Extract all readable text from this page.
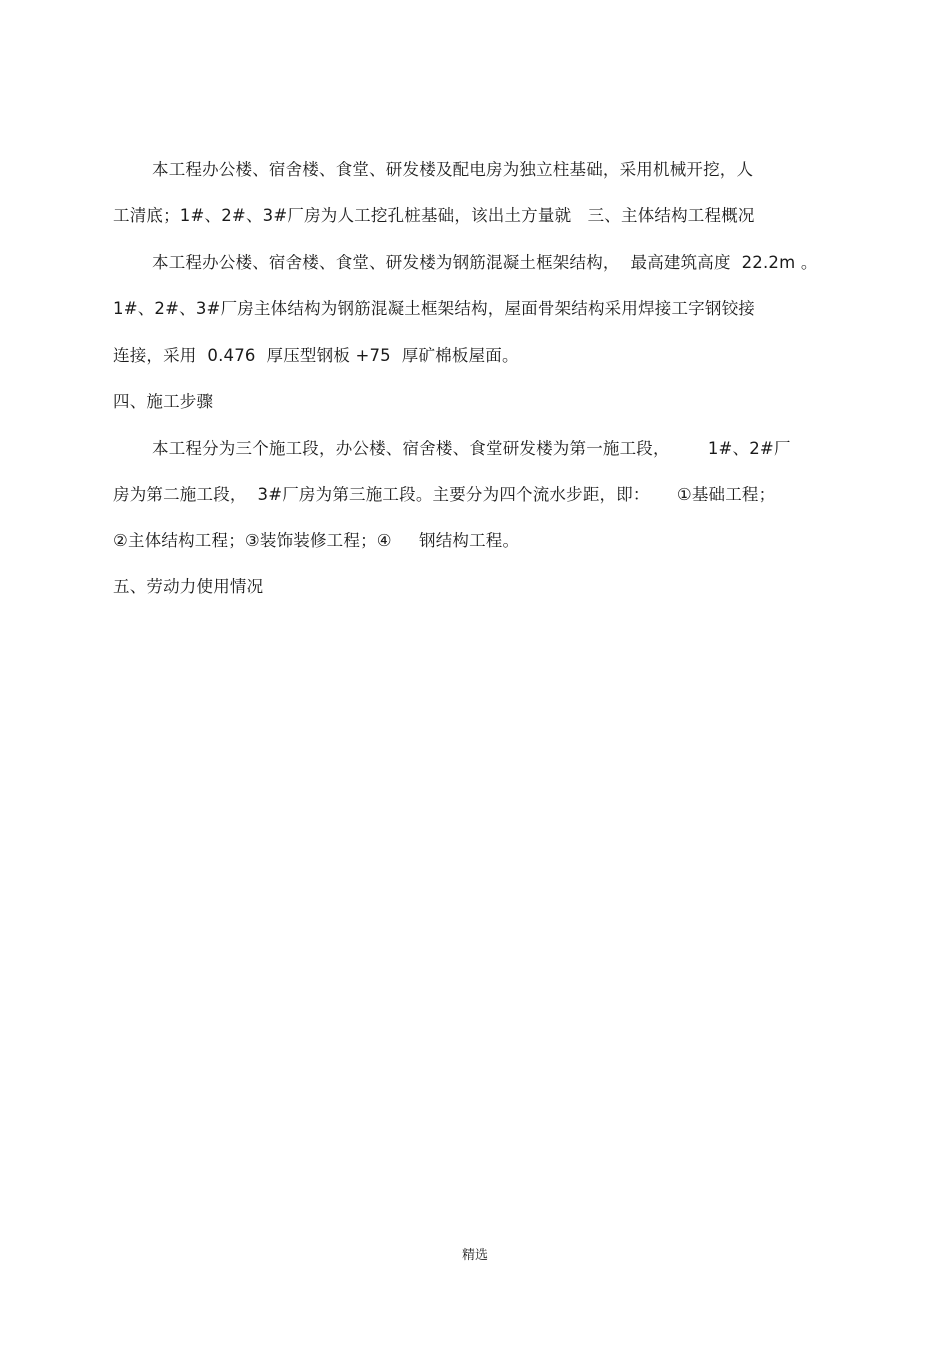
本工程办公楼、宿舍楼、食堂、研发楼及配电房为独立柱基础，采用机械开挖，人
工清底；1#、2#、3#厂房为人工挖孔桩基础，该出土方量就   三、主体结构工程概况
本工程办公楼、宿舍楼、食堂、研发楼为钢筋混凝土框架结构，  最高建筑高度  22.2m 。
1#、2#、3#厂房主体结构为钢筋混凝土框架结构，屋面骨架结构采用焊接工字钢铰接
连接，采用  0.476  厚压型钢板 +75  厚矿棉板屋面。
四、施工步骤
本工程分为三个施工段，办公楼、宿舍楼、食堂研发楼为第一施工段，       1#、2#厂
房为第二施工段，  3#厂房为第三施工段。主要分为四个流水步距，即：     ①基础工程；
②主体结构工程；③装饰装修工程；④     钢结构工程。
五、劳动力使用情况
精选
